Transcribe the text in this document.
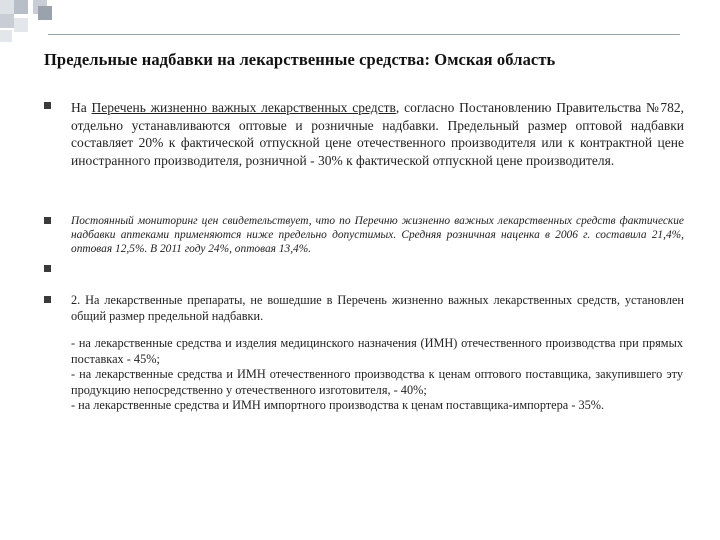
Предельные надбавки на лекарственные средства: Омская область
На Перечень жизненно важных лекарственных средств, согласно Постановлению Правительства №782, отдельно устанавливаются оптовые и розничные надбавки. Предельный размер оптовой надбавки составляет 20% к фактической отпускной цене отечественного производителя или к контрактной цене иностранного производителя, розничной - 30% к фактической отпускной цене производителя.
Постоянный мониторинг цен свидетельствует, что по Перечню жизненно важных лекарственных средств фактические надбавки аптеками применяются ниже предельно допустимых. Средняя розничная наценка в 2006 г. составила 21,4%, оптовая 12,5%. В 2011 году 24%, оптовая 13,4%.
2. На лекарственные препараты, не вошедшие в Перечень жизненно важных лекарственных средств, установлен общий размер предельной надбавки.
- на лекарственные средства и изделия медицинского назначения (ИМН) отечественного производства при прямых поставках - 45%;
- на лекарственные средства и ИМН отечественного производства к ценам оптового поставщика, закупившего эту продукцию непосредственно у отечественного изготовителя, - 40%;
- на лекарственные средства и ИМН импортного производства к ценам поставщика-импортера - 35%.
